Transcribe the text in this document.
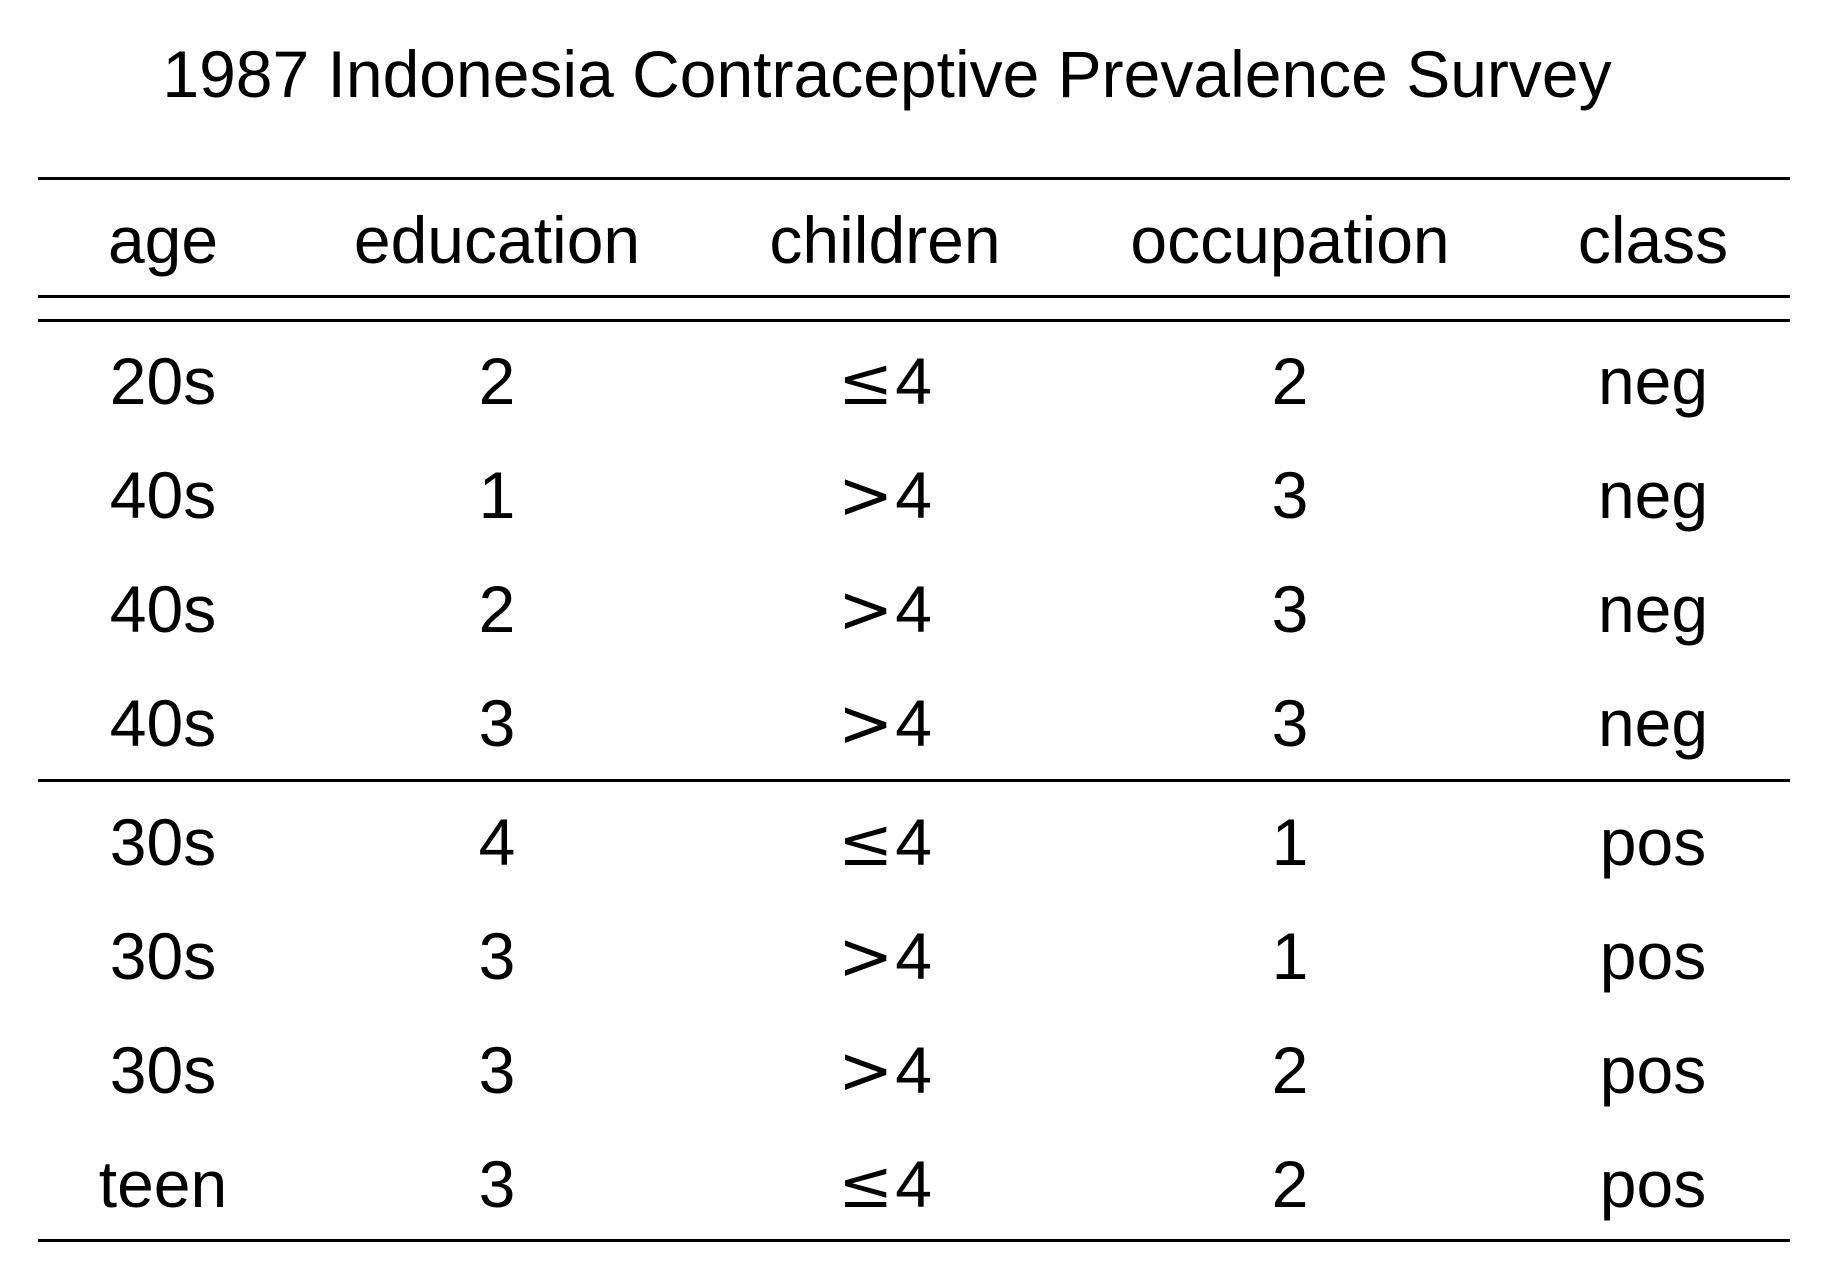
1987 Indonesia Contraceptive Prevalence Survey
age	education	children	occupation	class
20s	2	≤4	2	neg
40s	1	>4	3	neg
40s	2	>4	3	neg
40s	3	>4	3	neg
30s	4	≤4	1	pos
30s	3	>4	1	pos
30s	3	>4	2	pos
teen	3	≤4	2	pos
